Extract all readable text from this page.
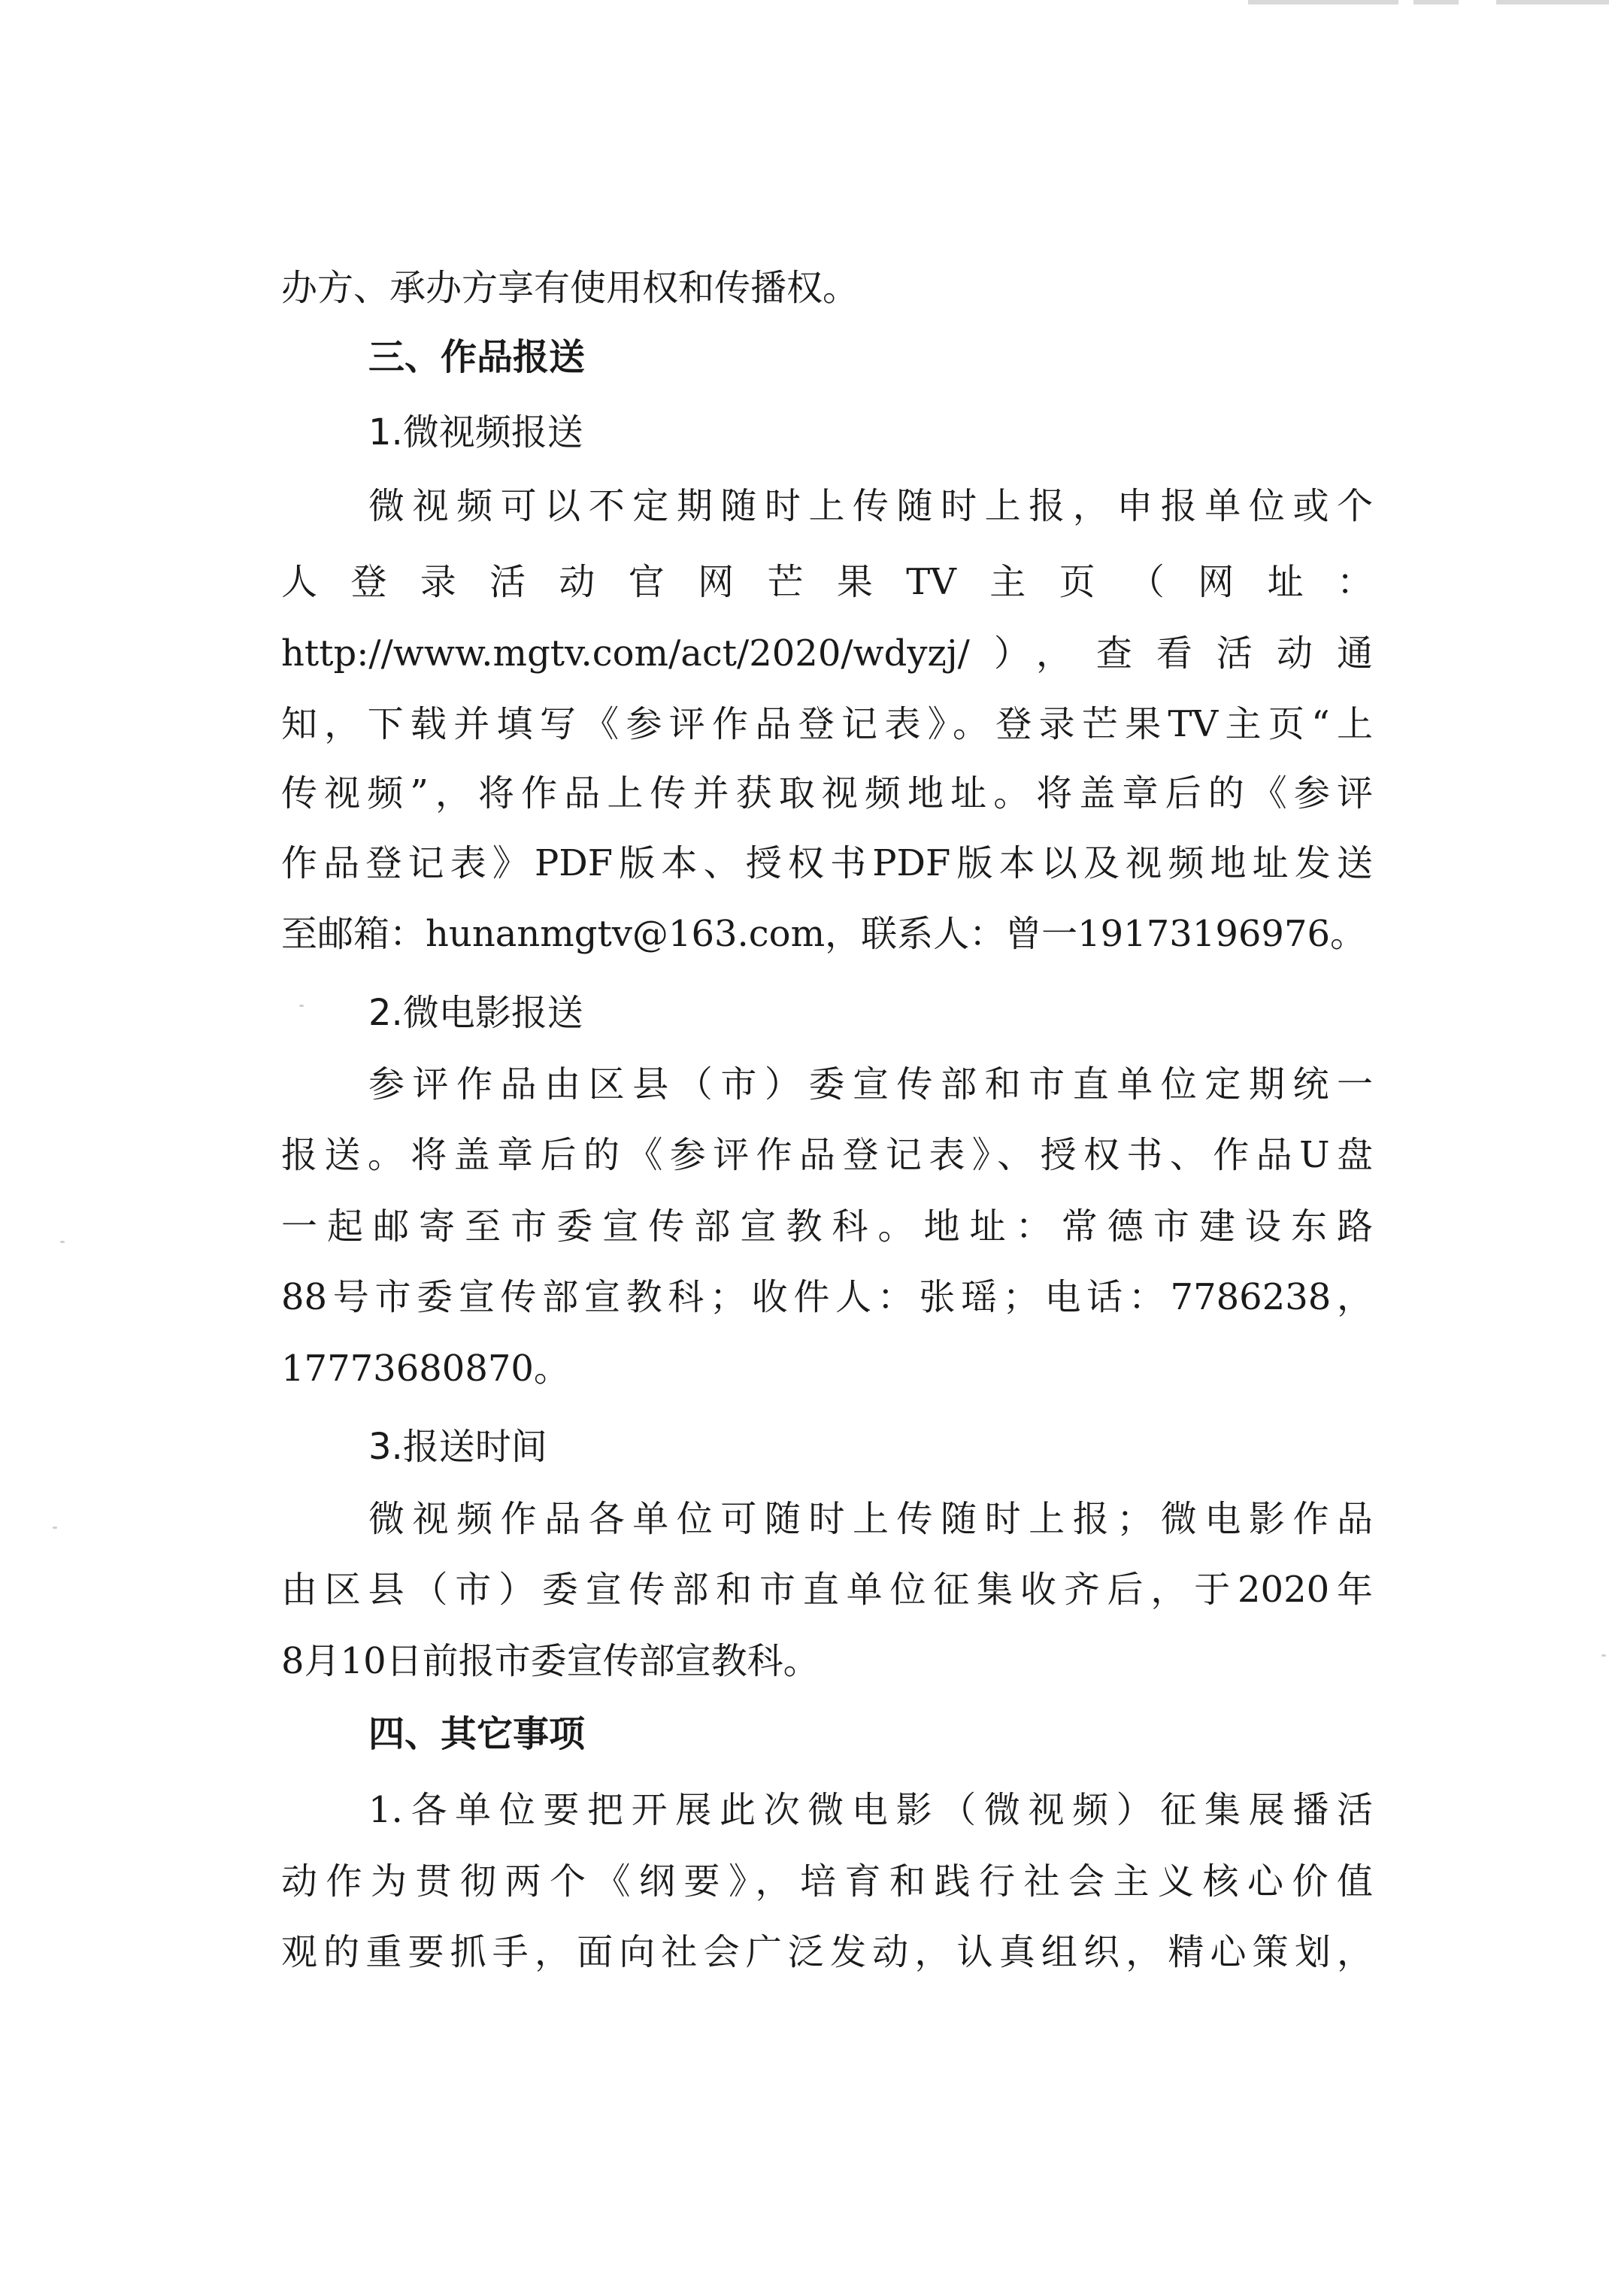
办方、承办方享有使用权和传播权。
三、作品报送
1.微视频报送
微视频可以不定期随时上传随时上报，申报单位或个
人登录活动官网芒果TV主页（网址：
http://www.mgtv.com/act/2020/wdyzj/），查看活动通
知，下载并填写《参评作品登记表》。登录芒果TV主页“上
传视频”，将作品上传并获取视频地址。将盖章后的《参评
作品登记表》PDF版本、授权书PDF版本以及视频地址发送
至邮箱：hunanmgtv@163.com，联系人：曾一19173196976。
2.微电影报送
参评作品由区县（市）委宣传部和市直单位定期统一
报送。将盖章后的《参评作品登记表》、授权书、作品U盘
一起邮寄至市委宣传部宣教科。地址：常德市建设东路
88号市委宣传部宣教科；收件人：张瑶；电话：7786238，
17773680870。
3.报送时间
微视频作品各单位可随时上传随时上报；微电影作品
由区县（市）委宣传部和市直单位征集收齐后，于2020年
8月10日前报市委宣传部宣教科。
四、其它事项
1.各单位要把开展此次微电影（微视频）征集展播活
动作为贯彻两个《纲要》，培育和践行社会主义核心价值
观的重要抓手，面向社会广泛发动，认真组织，精心策划，
